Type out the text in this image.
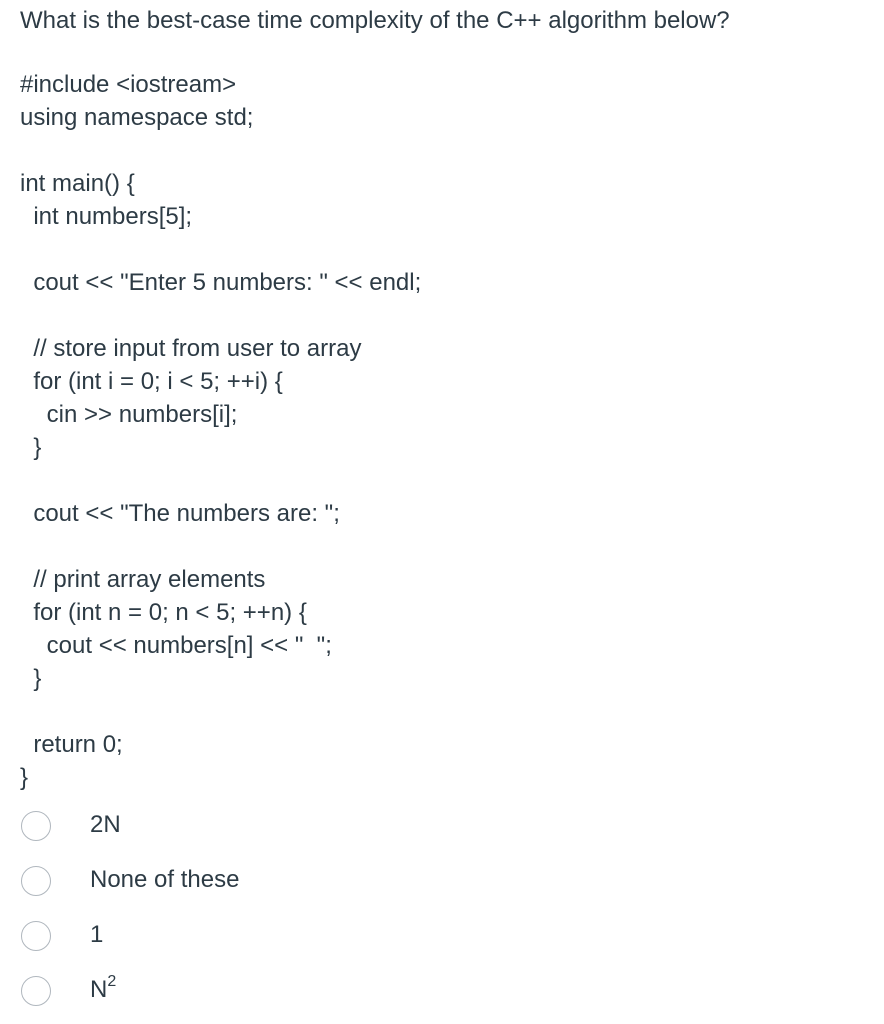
What is the best-case time complexity of the C++ algorithm below?
#include <iostream>
using namespace std;

int main() {
int numbers[5];

cout << "Enter 5 numbers: " << endl;

// store input from user to array
for (int i = 0; i < 5; ++i) {
cin >> numbers[i];
}

cout << "The numbers are: ";

// print array elements
for (int n = 0; n < 5; ++n) {
cout << numbers[n] << "  ";
}

return 0;
}
2N
None of these
1
$N^2$
